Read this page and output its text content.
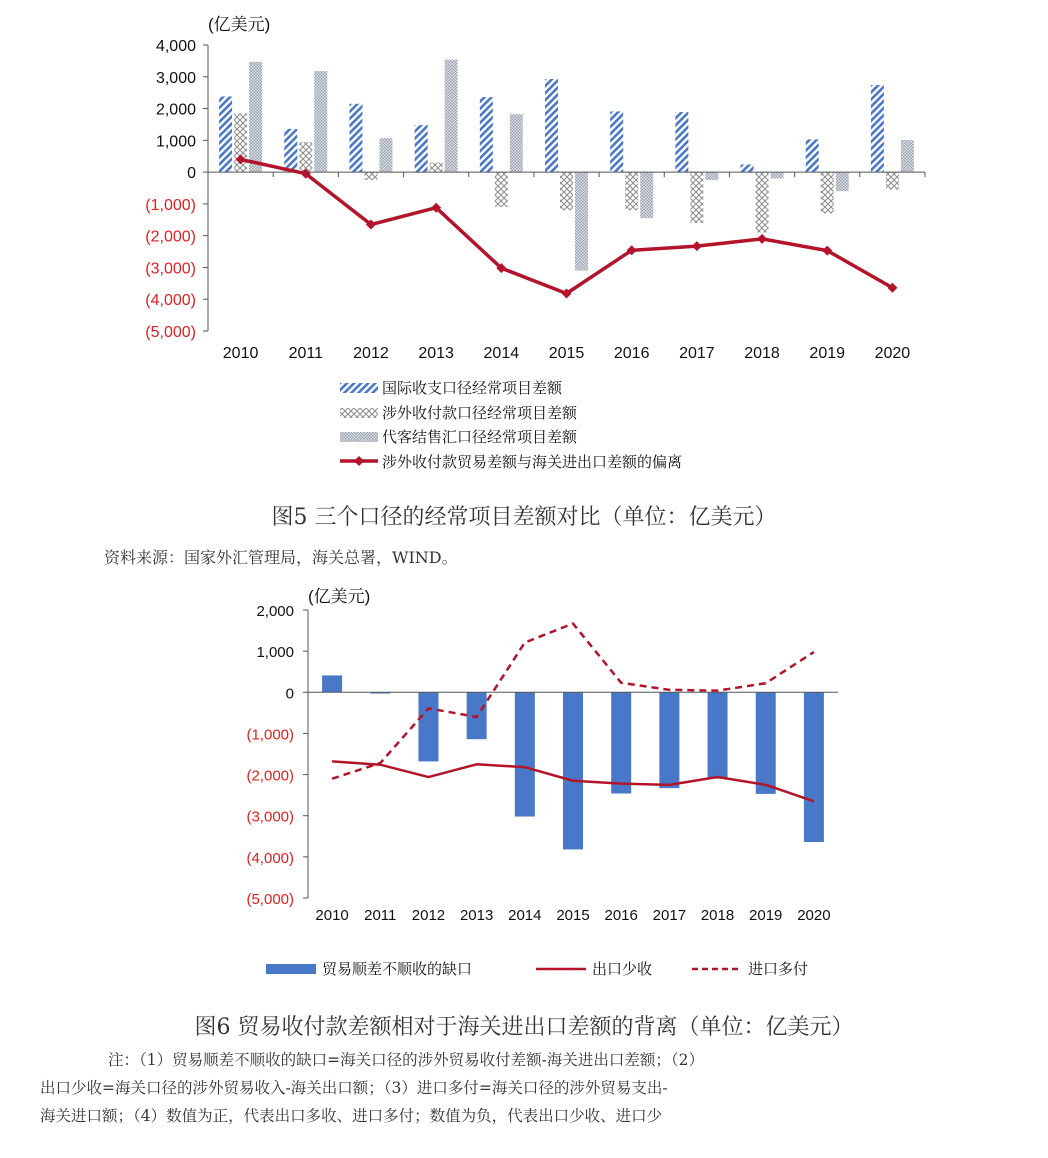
(亿美元)
4,000
3,000
2,000
1,000
0
(1,000)
(2,000)
(3,000)
(4,000)
(5,000)
2010 2011 2012 2013 2014 2015 2016 2017 2018 2019 2020
国际收支口径经常项目差额
涉外收付款口径经常项目差额
代客结售汇口径经常项目差额
涉外收付款贸易差额与海关进出口差额的偏离
图5 三个口径的经常项目差额对比（单位：亿美元）
资料来源：国家外汇管理局，海关总署，WIND。
(亿美元)
2,000
1,000
0
(1,000)
(2,000)
(3,000)
(4,000)
(5,000)
2010 2011 2012 2013 2014 2015 2016 2017 2018 2019 2020
贸易顺差不顺收的缺口	出口少收	进口多付
图6 贸易收付款差额相对于海关进出口差额的背离（单位：亿美元）

注：（1）贸易顺差不顺收的缺口=海关口径的涉外贸易收付差额-海关进出口差额；（2）

出口少收=海关口径的涉外贸易收入-海关出口额；（3）进口多付=海关口径的涉外贸易支出-

海关进口额；（4）数值为正，代表出口多收、进口多付；数值为负，代表出口少收、进口少
